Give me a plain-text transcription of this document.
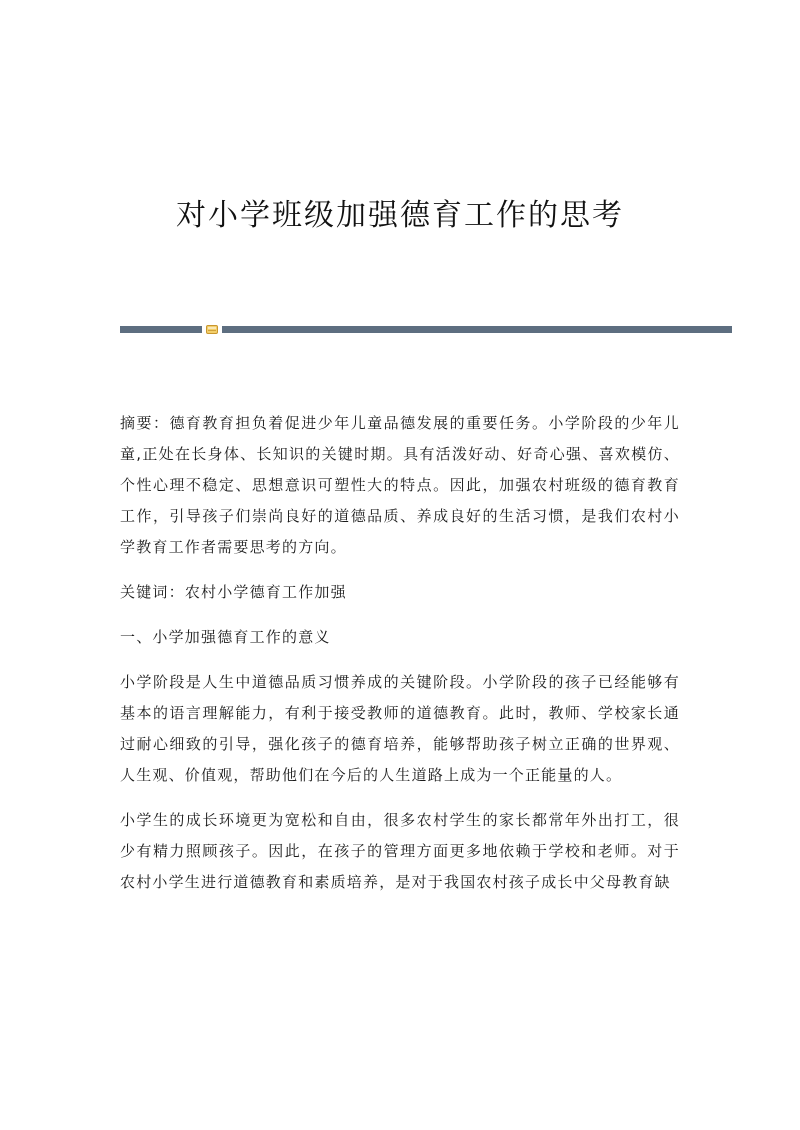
对小学班级加强德育工作的思考

摘要：德育教育担负着促进少年儿童品德发展的重要任务。小学阶段的少年儿童,正处在长身体、长知识的关键时期。具有活泼好动、好奇心强、喜欢模仿、个性心理不稳定、思想意识可塑性大的特点。因此，加强农村班级的德育教育工作，引导孩子们崇尚良好的道德品质、养成良好的生活习惯，是我们农村小学教育工作者需要思考的方向。

关键词：农村小学德育工作加强

一、小学加强德育工作的意义

小学阶段是人生中道德品质习惯养成的关键阶段。小学阶段的孩子已经能够有基本的语言理解能力，有利于接受教师的道德教育。此时，教师、学校家长通过耐心细致的引导，强化孩子的德育培养，能够帮助孩子树立正确的世界观、人生观、价值观，帮助他们在今后的人生道路上成为一个正能量的人。

小学生的成长环境更为宽松和自由，很多农村学生的家长都常年外出打工，很少有精力照顾孩子。因此，在孩子的管理方面更多地依赖于学校和老师。对于农村小学生进行道德教育和素质培养，是对于我国农村孩子成长中父母教育缺
